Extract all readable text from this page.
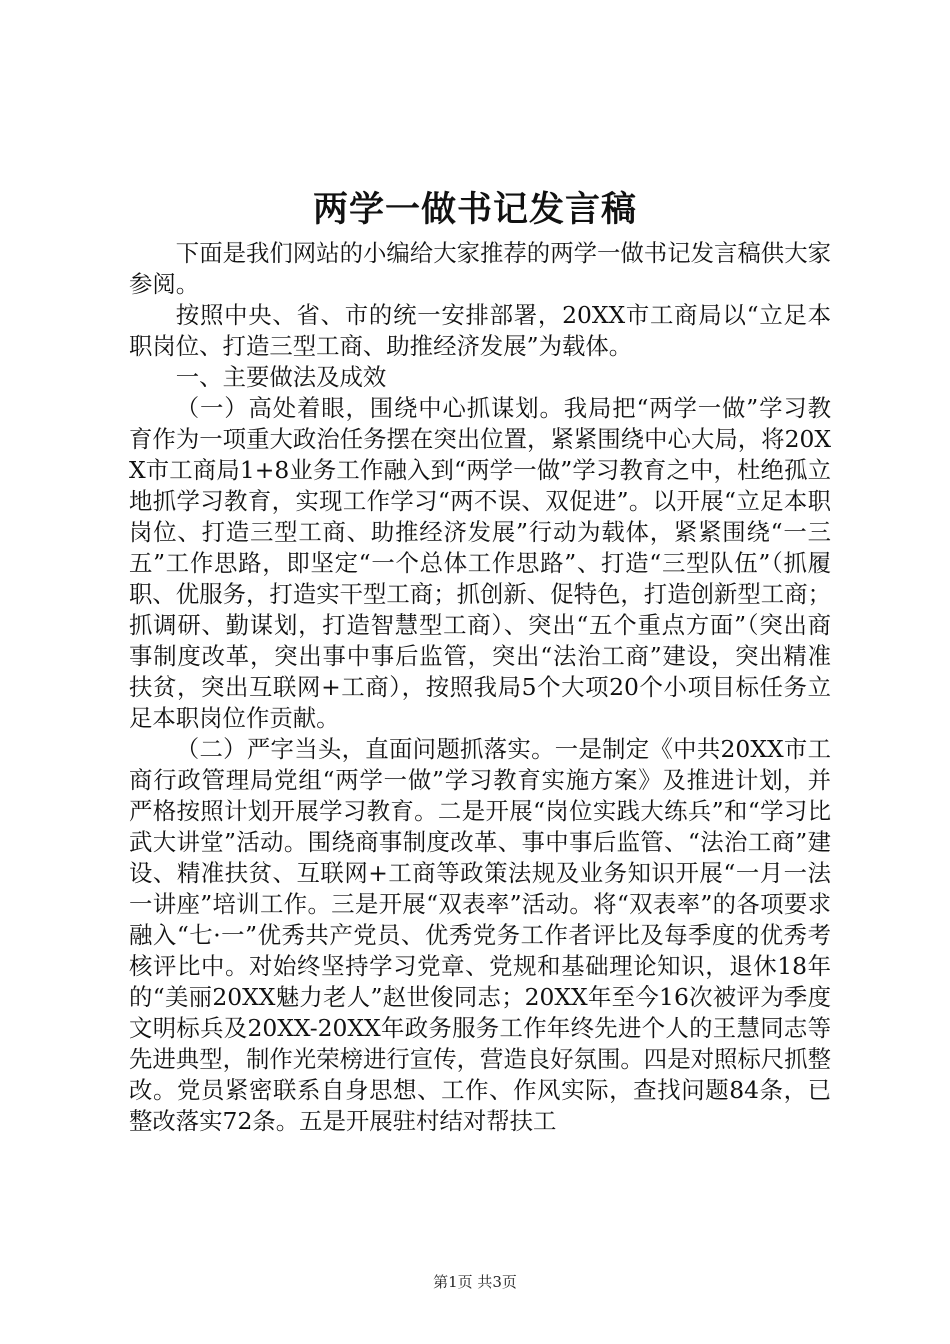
两学一做书记发言稿

下面是我们网站的小编给大家推荐的两学一做书记发言稿供大家参阅。

按照中央、省、市的统一安排部署，20XX市工商局以“立足本职岗位、打造三型工商、助推经济发展”为载体。

一、主要做法及成效

（一）高处着眼，围绕中心抓谋划。我局把“两学一做”学习教育作为一项重大政治任务摆在突出位置，紧紧围绕中心大局，将20XX市工商局1+8业务工作融入到“两学一做”学习教育之中，杜绝孤立地抓学习教育，实现工作学习“两不误、双促进”。以开展“立足本职岗位、打造三型工商、助推经济发展”行动为载体，紧紧围绕“一三五”工作思路，即坚定“一个总体工作思路”、打造“三型队伍”（抓履职、优服务，打造实干型工商；抓创新、促特色，打造创新型工商；抓调研、勤谋划，打造智慧型工商）、突出“五个重点方面”（突出商事制度改革，突出事中事后监管，突出“法治工商”建设，突出精准扶贫，突出互联网+工商），按照我局5个大项20个小项目标任务立足本职岗位作贡献。

（二）严字当头，直面问题抓落实。一是制定《中共20XX市工商行政管理局党组“两学一做”学习教育实施方案》及推进计划，并严格按照计划开展学习教育。二是开展“岗位实践大练兵”和“学习比武大讲堂”活动。围绕商事制度改革、事中事后监管、“法治工商”建设、精准扶贫、互联网+工商等政策法规及业务知识开展“一月一法一讲座”培训工作。三是开展“双表率”活动。将“双表率”的各项要求融入“七·一”优秀共产党员、优秀党务工作者评比及每季度的优秀考核评比中。对始终坚持学习党章、党规和基础理论知识，退休18年的“美丽20XX魅力老人”赵世俊同志；20XX年至今16次被评为季度文明标兵及20XX-20XX年政务服务工作年终先进个人的王慧同志等先进典型，制作光荣榜进行宣传，营造良好氛围。四是对照标尺抓整改。党员紧密联系自身思想、工作、作风实际，查找问题84条，已整改落实72条。五是开展驻村结对帮扶工

第1页 共3页
